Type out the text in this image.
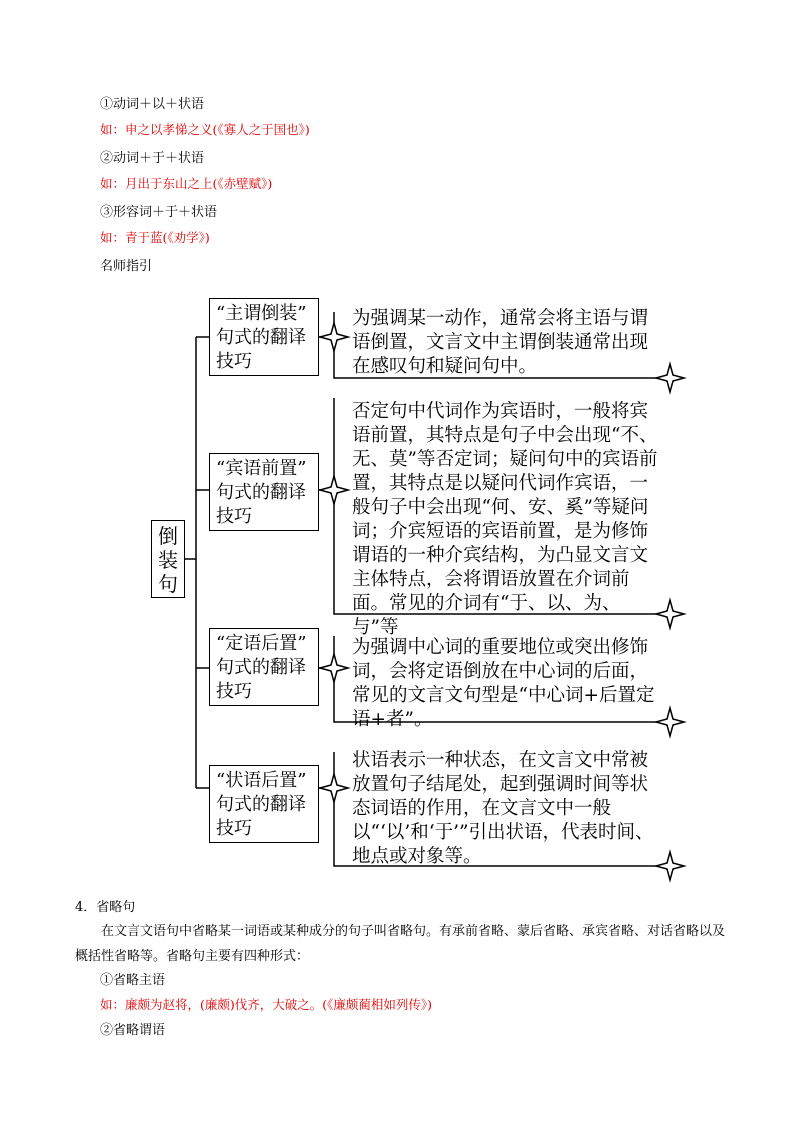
①动词＋以＋状语
如：申之以孝悌之义(《寡人之于国也》)
②动词＋于＋状语
如：月出于东山之上(《赤壁赋》)
③形容词＋于＋状语
如：青于蓝(《劝学》)
名师指引
倒
装
句
“主谓倒装”
句式的翻译
技巧
“宾语前置”
句式的翻译
技巧
“定语后置”
句式的翻译
技巧
“状语后置”
句式的翻译
技巧
为强调某一动作，通常会将主语与谓语倒置，文言文中主谓倒装通常出现在感叹句和疑问句中。
否定句中代词作为宾语时，一般将宾语前置，其特点是句子中会出现“不、无、莫”等否定词；疑问句中的宾语前置，其特点是以疑问代词作宾语，一般句子中会出现“何、安、奚”等疑问词；介宾短语的宾语前置，是为修饰谓语的一种介宾结构，为凸显文言文主体特点，会将谓语放置在介词前面。常见的介词有“于、以、为、与”等
为强调中心词的重要地位或突出修饰词，会将定语倒放在中心词的后面，常见的文言文句型是“中心词+后置定语+者”。
状语表示一种状态，在文言文中常被放置句子结尾处，起到强调时间等状态词语的作用，在文言文中一般以“‘以’和‘于’”引出状语，代表时间、地点或对象等。
4．省略句
在文言文语句中省略某一词语或某种成分的句子叫省略句。有承前省略、蒙后省略、承宾省略、对话省略以及概括性省略等。省略句主要有四种形式：
①省略主语
如：廉颇为赵将，(廉颇)伐齐，大破之。(《廉颇蔺相如列传》)
②省略谓语
